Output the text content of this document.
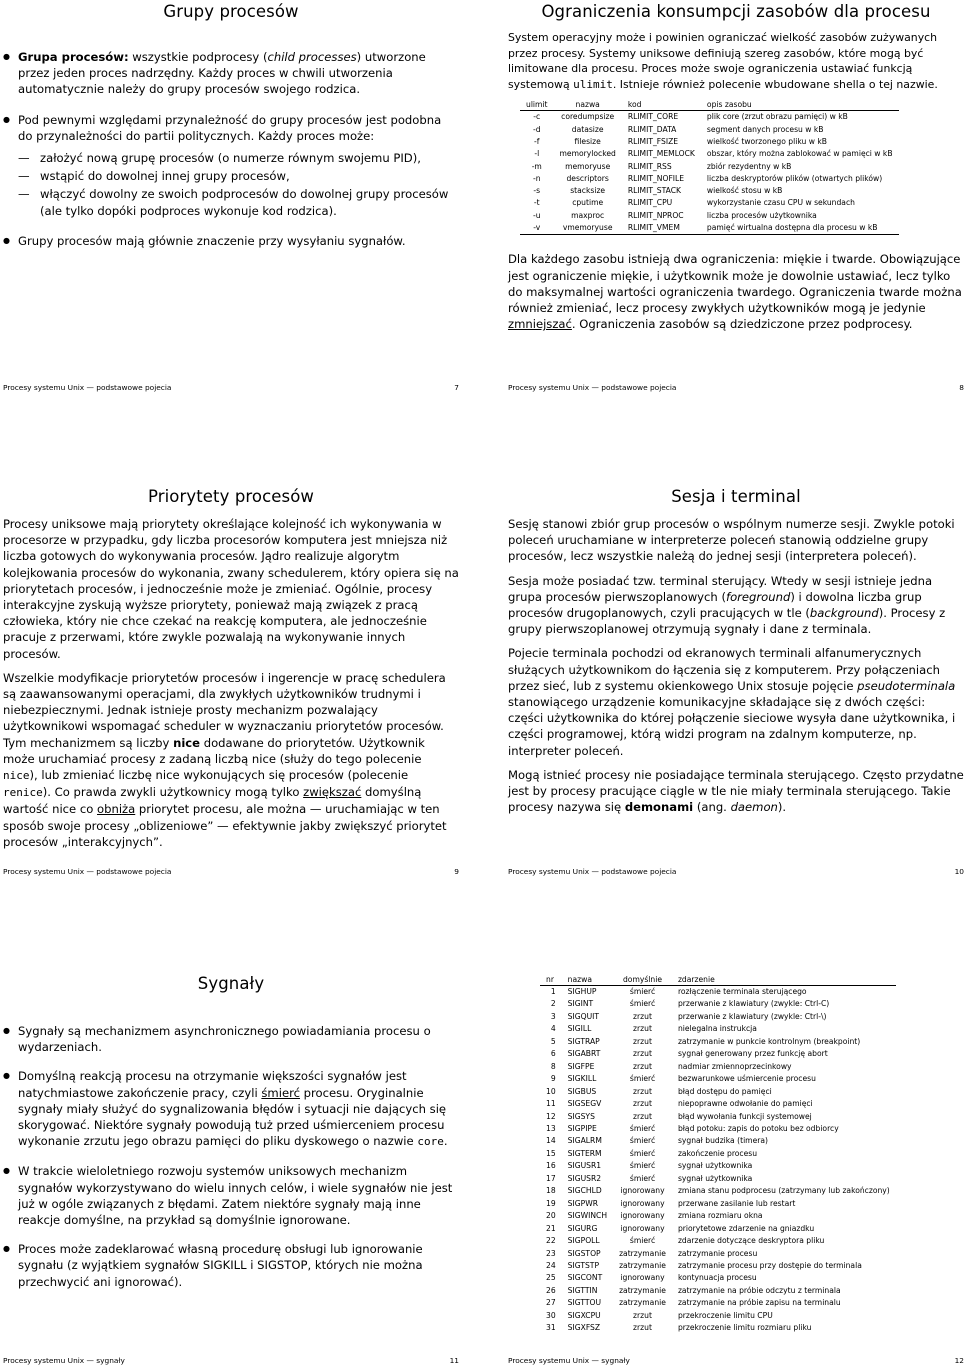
Grupy procesów
● Grupa procesów: wszystkie podprocesy (child processes) utworzone przez jeden proces nadrzędny. Każdy proces w chwili utworzenia automatycznie należy do grupy procesów swojego rodzica.
● Pod pewnymi względami przynależność do grupy procesów jest podobna do przynależności do partii politycznych. Każdy proces może:
— założyć nową grupę procesów (o numerze równym swojemu PID),
— wstąpić do dowolnej innej grupy procesów,
— włączyć dowolny ze swoich podprocesów do dowolnej grupy procesów (ale tylko dopóki podproces wykonuje kod rodzica).
● Grupy procesów mają głównie znaczenie przy wysyłaniu sygnałów.
Procesy systemu Unix — podstawowe pojecia	7
Ograniczenia konsumpcji zasobów dla procesu

System operacyjny może i powinien ograniczać wielkość zasobów zużywanych przez procesy. Systemy uniksowe definiują szereg zasobów, które mogą być limitowane dla procesu. Proces może swoje ograniczenia ustawiać funkcją systemową ulimit. Istnieje również polecenie wbudowane shella o tej nazwie.

ulimit	nazwa	kod	opis zasobu
-c	coredumpsize	RLIMIT_CORE	plik core (zrzut obrazu pamięci) w kB
-d	datasize	RLIMIT_DATA	segment danych procesu w kB
-f	filesize	RLIMIT_FSIZE	wielkość tworzonego pliku w kB
-l	memorylocked	RLIMIT_MEMLOCK	obszar, który można zablokować w pamięci w kB
-m	memoryuse	RLIMIT_RSS	zbiór rezydentny w kB
-n	descriptors	RLIMIT_NOFILE	liczba deskryptorów plików (otwartych plików)
-s	stacksize	RLIMIT_STACK	wielkość stosu w kB
-t	cputime	RLIMIT_CPU	wykorzystanie czasu CPU w sekundach
-u	maxproc	RLIMIT_NPROC	liczba procesów użytkownika
-v	vmemoryuse	RLIMIT_VMEM	pamięć wirtualna dostępna dla procesu w kB

Dla każdego zasobu istnieją dwa ograniczenia: miękie i twarde. Obowiązujące jest ograniczenie miękie, i użytkownik może je dowolnie ustawiać, lecz tylko do maksymalnej wartości ograniczenia twardego. Ograniczenia twarde można również zmieniać, lecz procesy zwykłych użytkowników mogą je jedynie zmniejszać. Ograniczenia zasobów są dziedziczone przez podprocesy.

Procesy systemu Unix — podstawowe pojecia	8
Priorytety procesów

Procesy uniksowe mają priorytety określające kolejność ich wykonywania w procesorze w przypadku, gdy liczba procesorów komputera jest mniejsza niż liczba gotowych do wykonywania procesów. Jądro realizuje algorytm kolejkowania procesów do wykonania, zwany schedulerem, który opiera się na priorytetach procesów, i jednocześnie może je zmieniać. Ogólnie, procesy interakcyjne zyskują wyższe priorytety, ponieważ mają związek z pracą człowieka, który nie chce czekać na reakcję komputera, ale jednocześnie pracuje z przerwami, które zwykle pozwalają na wykonywanie innych procesów.

Wszelkie modyfikacje priorytetów procesów i ingerencje w pracę schedulera są zaawansowanymi operacjami, dla zwykłych użytkowników trudnymi i niebezpiecznymi. Jednak istnieje prosty mechanizm pozwalający użytkownikowi wspomagać scheduler w wyznaczaniu priorytetów procesów. Tym mechanizmem są liczby nice dodawane do priorytetów. Użytkownik może uruchamiać procesy z zadaną liczbą nice (służy do tego polecenie nice), lub zmieniać liczbę nice wykonujących się procesów (polecenie renice). Co prawda zwykli użytkownicy mogą tylko zwiększać domyślną wartość nice co obniża priorytet procesu, ale można — uruchamiając w ten sposób swoje procesy „oblizeniowe” — efektywnie jakby zwiększyć priorytet procesów „interakcyjnych”.

Procesy systemu Unix — podstawowe pojecia	9
Sesja i terminal

Sesję stanowi zbiór grup procesów o wspólnym numerze sesji. Zwykle potoki poleceń uruchamiane w interpreterze poleceń stanowią oddzielne grupy procesów, lecz wszystkie należą do jednej sesji (interpretera poleceń).

Sesja może posiadać tzw. terminal sterujący. Wtedy w sesji istnieje jedna grupa procesów pierwszoplanowych (foreground) i dowolna liczba grup procesów drugoplanowych, czyli pracujących w tle (background). Procesy z grupy pierwszoplanowej otrzymują sygnały i dane z terminala.

Pojecie terminala pochodzi od ekranowych terminali alfanumerycznych służących użytkownikom do łączenia się z komputerem. Przy połączeniach przez sieć, lub z systemu okienkowego Unix stosuje pojęcie pseudoterminala stanowiącego urządzenie komunikacyjne składające się z dwóch części: części użytkownika do której połączenie sieciowe wysyła dane użytkownika, i części programowej, którą widzi program na zdalnym komputerze, np. interpreter poleceń.

Mogą istnieć procesy nie posiadające terminala sterującego. Często przydatne jest by procesy pracujące ciągle w tle nie miały terminala sterującego. Takie procesy nazywa się demonami (ang. daemon).

Procesy systemu Unix — podstawowe pojecia	10
Sygnały
● Sygnały są mechanizmem asynchronicznego powiadamiania procesu o wydarzeniach.
● Domyślną reakcją procesu na otrzymanie większości sygnałów jest natychmiastowe zakończenie pracy, czyli śmierć procesu. Oryginalnie sygnały miały służyć do sygnalizowania błędów i sytuacji nie dających się skorygować. Niektóre sygnały powodują tuż przed uśmierceniem procesu wykonanie zrzutu jego obrazu pamięci do pliku dyskowego o nazwie core.
● W trakcie wieloletniego rozwoju systemów uniksowych mechanizm sygnałów wykorzystywano do wielu innych celów, i wiele sygnałów nie jest już w ogóle związanych z błędami. Zatem niektóre sygnały mają inne reakcje domyślne, na przykład są domyślnie ignorowane.
● Proces może zadeklarować własną procedurę obsługi lub ignorowanie sygnału (z wyjątkiem sygnałów SIGKILL i SIGSTOP, których nie można przechwycić ani ignorować).
Procesy systemu Unix — sygnały	11
nr	nazwa	domyślnie	zdarzenie
1	SIGHUP	śmierć	rozłączenie terminala sterującego
2	SIGINT	śmierć	przerwanie z klawiatury (zwykle: Ctrl-C)
3	SIGQUIT	zrzut	przerwanie z klawiatury (zwykle: Ctrl-\)
4	SIGILL	zrzut	nielegalna instrukcja
5	SIGTRAP	zrzut	zatrzymanie w punkcie kontrolnym (breakpoint)
6	SIGABRT	zrzut	sygnał generowany przez funkcję abort
8	SIGFPE	zrzut	nadmiar zmiennoprzecinkowy
9	SIGKILL	śmierć	bezwarunkowe uśmiercenie procesu
10	SIGBUS	zrzut	błąd dostępu do pamięci
11	SIGSEGV	zrzut	niepoprawne odwołanie do pamięci
12	SIGSYS	zrzut	błąd wywołania funkcji systemowej
13	SIGPIPE	śmierć	błąd potoku: zapis do potoku bez odbiorcy
14	SIGALRM	śmierć	sygnał budzika (timera)
15	SIGTERM	śmierć	zakończenie procesu
16	SIGUSR1	śmierć	sygnał użytkownika
17	SIGUSR2	śmierć	sygnał użytkownika
18	SIGCHLD	ignorowany	zmiana stanu podprocesu (zatrzymany lub zakończony)
19	SIGPWR	ignorowany	przerwane zasilanie lub restart
20	SIGWINCH	ignorowany	zmiana rozmiaru okna
21	SIGURG	ignorowany	priorytetowe zdarzenie na gniazdku
22	SIGPOLL	śmierć	zdarzenie dotyczące deskryptora pliku
23	SIGSTOP	zatrzymanie	zatrzymanie procesu
24	SIGTSTP	zatrzymanie	zatrzymanie procesu przy dostępie do terminala
25	SIGCONT	ignorowany	kontynuacja procesu
26	SIGTTIN	zatrzymanie	zatrzymanie na próbie odczytu z terminala
27	SIGTTOU	zatrzymanie	zatrzymanie na próbie zapisu na terminalu
30	SIGXCPU	zrzut	przekroczenie limitu CPU
31	SIGXFSZ	zrzut	przekroczenie limitu rozmiaru pliku
Procesy systemu Unix — sygnały	12
